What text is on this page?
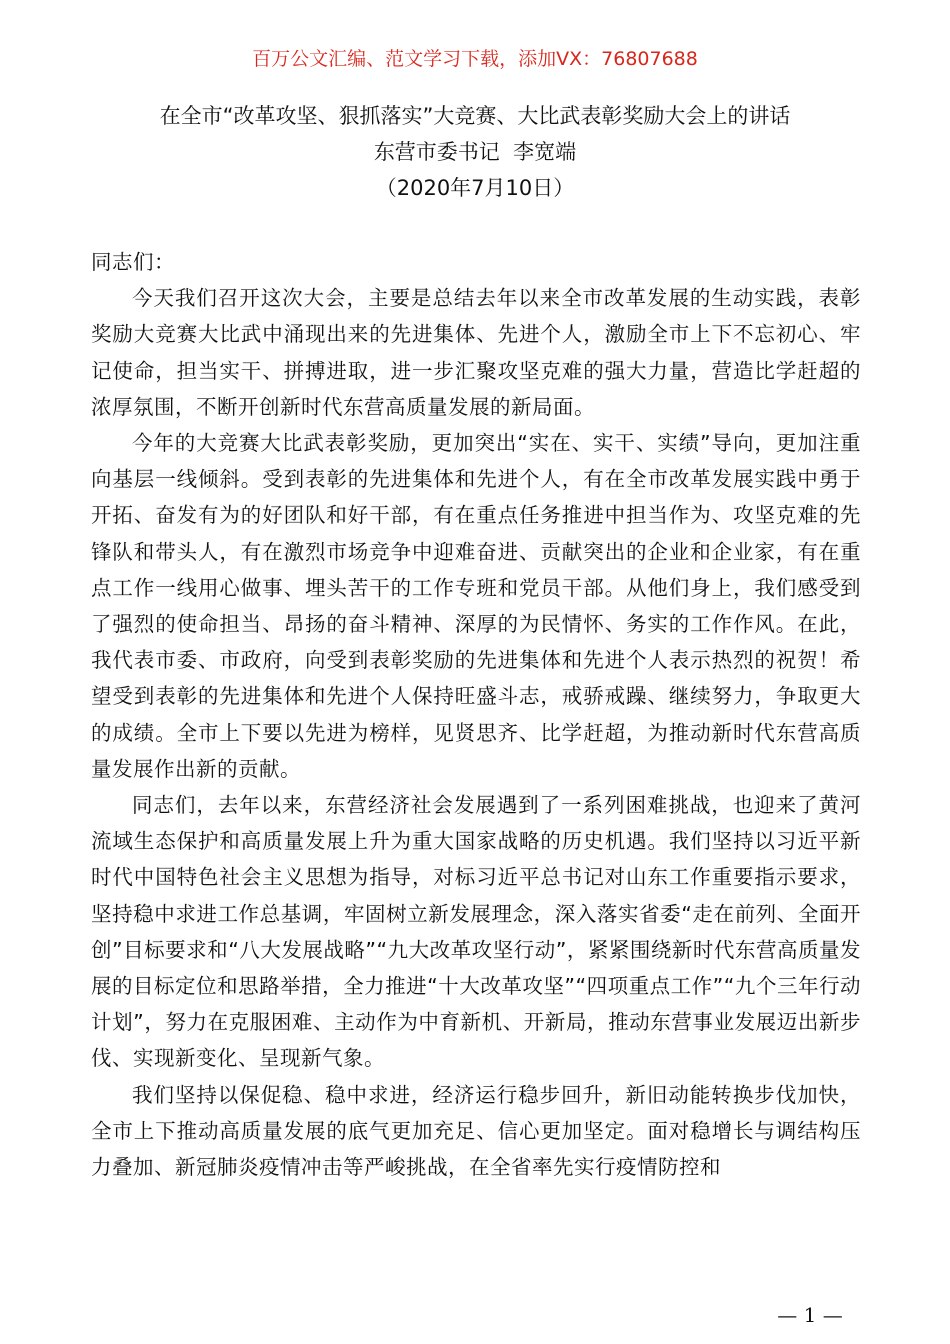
百万公文汇编、范文学习下载，添加VX：76807688
在全市“改革攻坚、狠抓落实”大竞赛、大比武表彰奖励大会上的讲话
东营市委书记  李宽端
（2020年7月10日）

同志们：

今天我们召开这次大会，主要是总结去年以来全市改革发展的生动实践，表彰奖励大竞赛大比武中涌现出来的先进集体、先进个人，激励全市上下不忘初心、牢记使命，担当实干、拼搏进取，进一步汇聚攻坚克难的强大力量，营造比学赶超的浓厚氛围，不断开创新时代东营高质量发展的新局面。

今年的大竞赛大比武表彰奖励，更加突出“实在、实干、实绩”导向，更加注重向基层一线倾斜。受到表彰的先进集体和先进个人，有在全市改革发展实践中勇于开拓、奋发有为的好团队和好干部，有在重点任务推进中担当作为、攻坚克难的先锋队和带头人，有在激烈市场竞争中迎难奋进、贡献突出的企业和企业家，有在重点工作一线用心做事、埋头苦干的工作专班和党员干部。从他们身上，我们感受到了强烈的使命担当、昂扬的奋斗精神、深厚的为民情怀、务实的工作作风。在此，我代表市委、市政府，向受到表彰奖励的先进集体和先进个人表示热烈的祝贺！希望受到表彰的先进集体和先进个人保持旺盛斗志，戒骄戒躁、继续努力，争取更大的成绩。全市上下要以先进为榜样，见贤思齐、比学赶超，为推动新时代东营高质量发展作出新的贡献。

同志们，去年以来，东营经济社会发展遇到了一系列困难挑战，也迎来了黄河流域生态保护和高质量发展上升为重大国家战略的历史机遇。我们坚持以习近平新时代中国特色社会主义思想为指导，对标习近平总书记对山东工作重要指示要求，坚持稳中求进工作总基调，牢固树立新发展理念，深入落实省委“走在前列、全面开创”目标要求和“八大发展战略”“九大改革攻坚行动”，紧紧围绕新时代东营高质量发展的目标定位和思路举措，全力推进“十大改革攻坚”“四项重点工作”“九个三年行动计划”，努力在克服困难、主动作为中育新机、开新局，推动东营事业发展迈出新步伐、实现新变化、呈现新气象。

我们坚持以保促稳、稳中求进，经济运行稳步回升，新旧动能转换步伐加快，全市上下推动高质量发展的底气更加充足、信心更加坚定。面对稳增长与调结构压力叠加、新冠肺炎疫情冲击等严峻挑战，在全省率先实行疫情防控和

— 1 —
